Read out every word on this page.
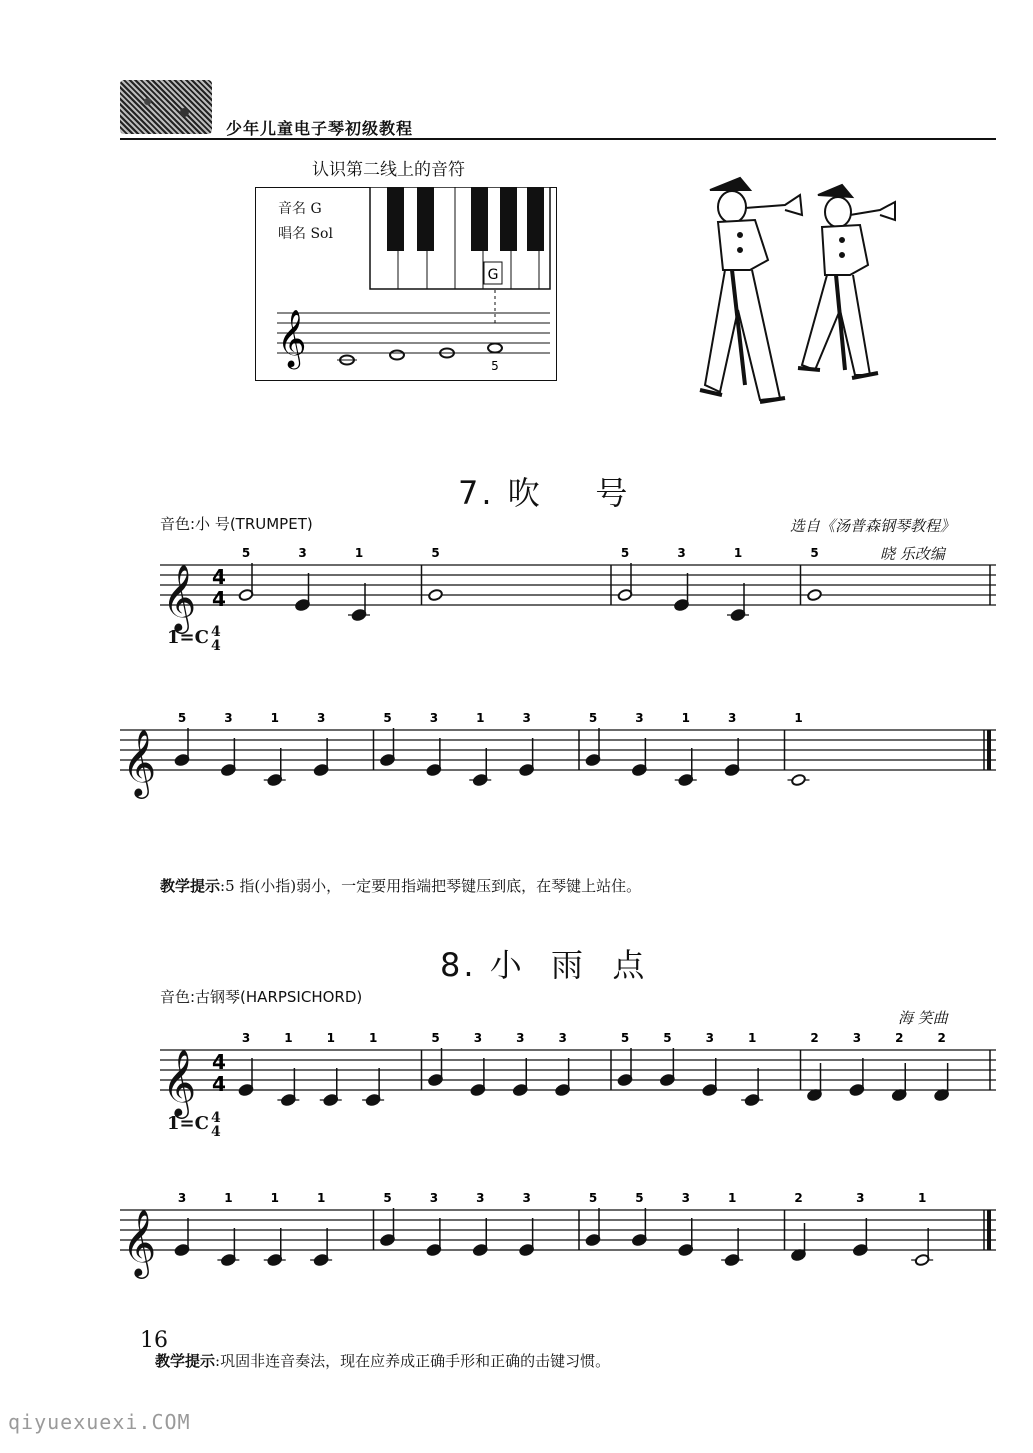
少年儿童电子琴初级教程
认识第二线上的音符
音名 G
唱名 Sol
G
𝄞	5
7. 吹    号
音色:小 号(TRUMPET)	选自《汤普森钢琴教程》
晓 乐改编
1=C 4
4
𝄞 4
4
5	3	1	5	5	3	1	5
𝄞
5	3	1	3	5	3	1	3	5	3	1	3	1
教学提示:5 指(小指)弱小，一定要用指端把琴键压到底，在琴键上站住。
8. 小  雨  点
音色:古钢琴(HARPSICHORD)
海 笑曲
1=C 4
4
𝄞 4
4
3	1	1	1	5	3	3	3	5	5	3	1	2	3	2	2
𝄞
3	1	1	1	5	3	3	3	5	5	3	1	2	3	1
教学提示:巩固非连音奏法，现在应养成正确手形和正确的击键习惯。
16
qiyuexuexi.COM
